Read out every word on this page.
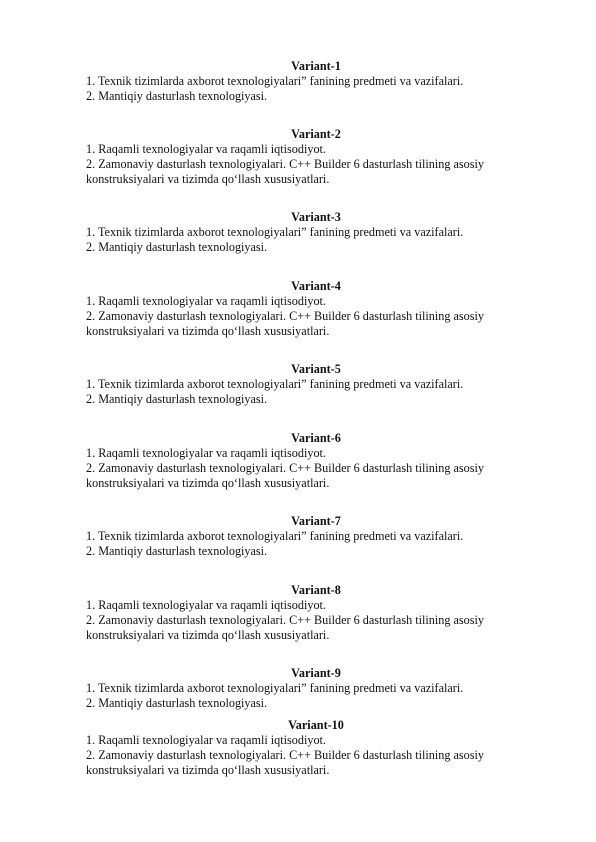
Variant-1
1. Texnik tizimlarda axborot texnologiyalari” fanining predmeti va vazifalari.
2. Mantiqiy dasturlash texnologiyasi.
Variant-2
1. Raqamli texnologiyalar va raqamli iqtisodiyot.
2. Zamonaviy dasturlash texnologiyalari. C++ Builder 6 dasturlash tilining asosiy
konstruksiyalari va tizimda qo‘llash xususiyatlari.
Variant-3
1. Texnik tizimlarda axborot texnologiyalari” fanining predmeti va vazifalari.
2. Mantiqiy dasturlash texnologiyasi.
Variant-4
1. Raqamli texnologiyalar va raqamli iqtisodiyot.
2. Zamonaviy dasturlash texnologiyalari. C++ Builder 6 dasturlash tilining asosiy
konstruksiyalari va tizimda qo‘llash xususiyatlari.
Variant-5
1. Texnik tizimlarda axborot texnologiyalari” fanining predmeti va vazifalari.
2. Mantiqiy dasturlash texnologiyasi.
Variant-6
1. Raqamli texnologiyalar va raqamli iqtisodiyot.
2. Zamonaviy dasturlash texnologiyalari. C++ Builder 6 dasturlash tilining asosiy
konstruksiyalari va tizimda qo‘llash xususiyatlari.
Variant-7
1. Texnik tizimlarda axborot texnologiyalari” fanining predmeti va vazifalari.
2. Mantiqiy dasturlash texnologiyasi.
Variant-8
1. Raqamli texnologiyalar va raqamli iqtisodiyot.
2. Zamonaviy dasturlash texnologiyalari. C++ Builder 6 dasturlash tilining asosiy
konstruksiyalari va tizimda qo‘llash xususiyatlari.
Variant-9
1. Texnik tizimlarda axborot texnologiyalari” fanining predmeti va vazifalari.
2. Mantiqiy dasturlash texnologiyasi.
Variant-10
1. Raqamli texnologiyalar va raqamli iqtisodiyot.
2. Zamonaviy dasturlash texnologiyalari. C++ Builder 6 dasturlash tilining asosiy
konstruksiyalari va tizimda qo‘llash xususiyatlari.
